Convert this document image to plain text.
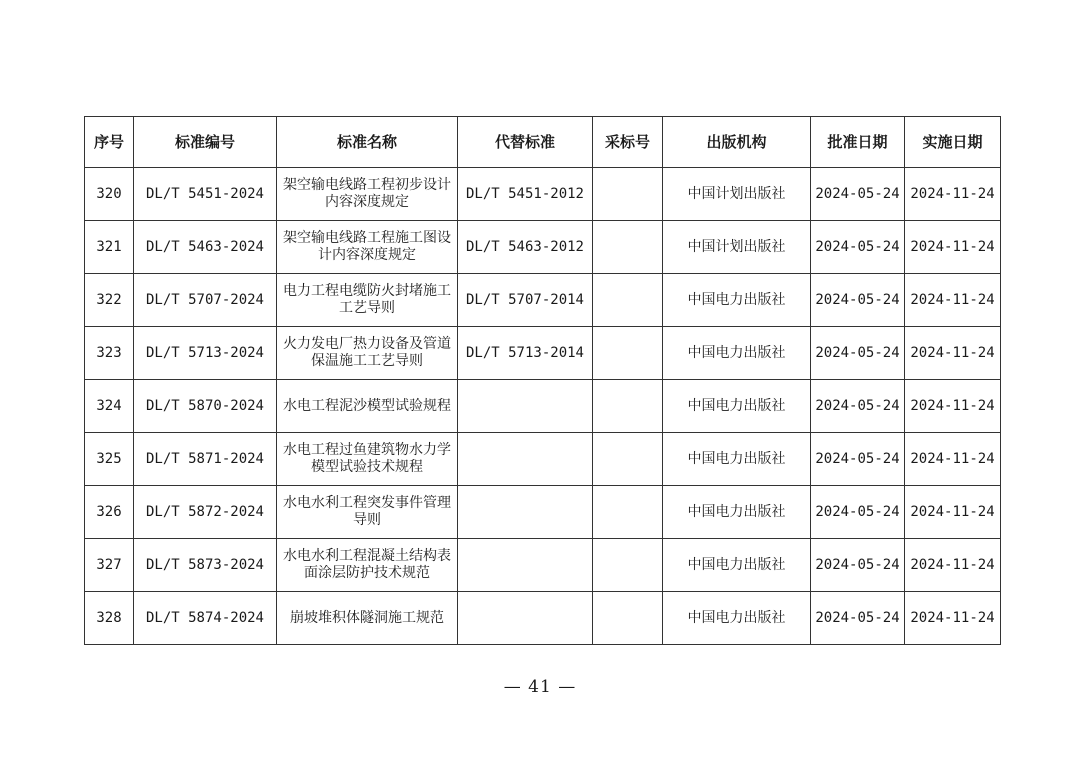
序号	标准编号	标准名称	代替标准	采标号	出版机构	批准日期	实施日期
320	DL/T 5451-2024	架空输电线路工程初步设计内容深度规定	DL/T 5451-2012		中国计划出版社	2024-05-24	2024-11-24
321	DL/T 5463-2024	架空输电线路工程施工图设计内容深度规定	DL/T 5463-2012		中国计划出版社	2024-05-24	2024-11-24
322	DL/T 5707-2024	电力工程电缆防火封堵施工工艺导则	DL/T 5707-2014		中国电力出版社	2024-05-24	2024-11-24
323	DL/T 5713-2024	火力发电厂热力设备及管道保温施工工艺导则	DL/T 5713-2014		中国电力出版社	2024-05-24	2024-11-24
324	DL/T 5870-2024	水电工程泥沙模型试验规程			中国电力出版社	2024-05-24	2024-11-24
325	DL/T 5871-2024	水电工程过鱼建筑物水力学模型试验技术规程			中国电力出版社	2024-05-24	2024-11-24
326	DL/T 5872-2024	水电水利工程突发事件管理导则			中国电力出版社	2024-05-24	2024-11-24
327	DL/T 5873-2024	水电水利工程混凝土结构表面涂层防护技术规范			中国电力出版社	2024-05-24	2024-11-24
328	DL/T 5874-2024	崩坡堆积体隧洞施工规范			中国电力出版社	2024-05-24	2024-11-24
— 41 —
